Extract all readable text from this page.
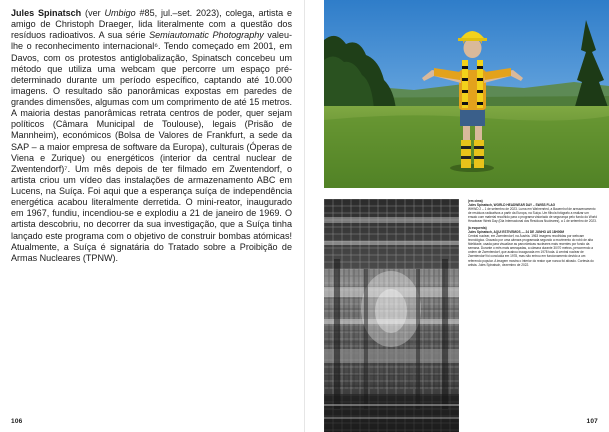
Jules Spinatsch (ver Umbigo #85, jul.–set. 2023), colega, artista e amigo de Christoph Draeger, lida literalmente com a questão dos resíduos radioativos. A sua série Semiautomatic Photography valeu-lhe o reconhecimento internacional⁶. Tendo começado em 2001, em Davos, com os protestos antiglobalização, Spinatsch concebeu um método que utiliza uma webcam que percorre um espaço pré-determinado durante um período específico, captando até 10.000 imagens. O resultado são panorâmicas expostas em paredes de grandes dimensões, algumas com um comprimento de até 15 metros. A maioria destas panorâmicas retrata centros de poder, quer sejam políticos (Câmara Municipal de Toulouse), legais (Prisão de Mannheim), económicos (Bolsa de Valores de Frankfurt, a sede da SAP – a maior empresa de software da Europa), culturais (Óperas de Viena e Zurique) ou energéticos (interior da central nuclear de Zwentendorf)⁷. Um mês depois de ter filmado em Zwentendorf, o artista criou um vídeo das instalações de armazenamento ABC em Lucens, na Suíça. Foi aqui que a esperança suíça de independência energética acabou literalmente derretida. O mini-reator, inaugurado em 1967, fundiu, incendiou-se e explodiu a 21 de janeiro de 1969. O artista descobriu, no decorrer da sua investigação, que a Suíça tinha lançado este programa com o objetivo de construir bombas atómicas! Atualmente, a Suíça é signatária do Tratado sobre a Proibição de Armas Nucleares (TPNW).

106

(em cima)
Jules Spinatsch, WORLD HEADWEAR DAY – SWISS FLAG
WHWD 2 – 1 de setembro de 2023. Luma em Wahrenried, a Bauernhof de armazenamento de resíduos radioativos a partir da Europa, na Suíça. Um filho/a fotógrafo a realizar um ensaio com material recolhido para o programa vistoriado de segurança pelo fundo do World Headwear Week Day (Dia Internacional dos Resíduos Nucleares), a 1 de setembro de 2023.

(à esquerda)
Jules Spinatsch, AQUI ESTIVEMOS — 24 DE JUNHO AS 18H00M
Central nuclear, em Zwentendorf, na Áustria. 1963 imagens recolhidas por webcam tecnológica. Gravado por uma câmara programada segundo a movimento do robô de alta fidelidade, usada para visualizar as panorâmicas nucleares mais recentes por fundo da semana. Durante o mês mais ameaçadas, a câmara durante 30/70 metros, percorrendo a ordem de Zwentendorf, que acabou inaugurada em 1978 toda. A central nuclear de Zwentendorf foi concluída em 1978, mas não entrou em funcionamento devido a um referendo popular. A imagem mostra o interior do reator que nunca foi ativado. Cortesia do artista. Jules Spinatsch, dezembro de 2022.

107
